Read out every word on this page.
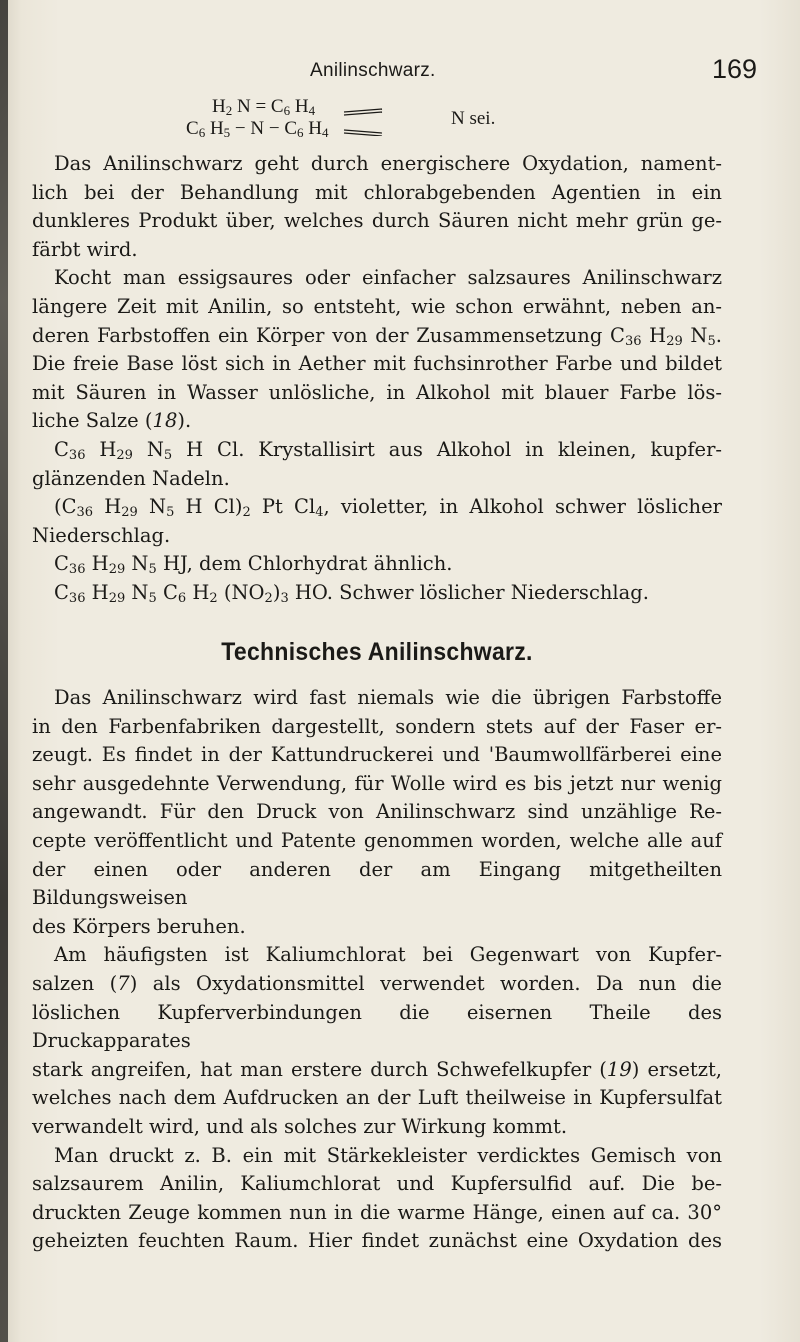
Anilinschwarz.	169
$H_2$ $N = C_6$ $H_4$
$C_6$ $H_5 - N - C_6$ $H_4$
N sei.

Das Anilinschwarz geht durch energischere Oxydation, nament-

lich bei der Behandlung mit chlorabgebenden Agentien in ein

dunkleres Produkt über, welches durch Säuren nicht mehr grün ge-

färbt wird.

Kocht man essigsaures oder einfacher salzsaures Anilinschwarz

längere Zeit mit Anilin, so entsteht, wie schon erwähnt, neben an-

deren Farbstoffen ein Körper von der Zusammensetzung $C_{36}$ $H_{29}$ $N_5$.

Die freie Base löst sich in Aether mit fuchsinrother Farbe und bildet

mit Säuren in Wasser unlösliche, in Alkohol mit blauer Farbe lös-

liche Salze (18).

$C_{36}$ $H_{29}$ $N_5$ H Cl. Krystallisirt aus Alkohol in kleinen, kupfer-

glänzenden Nadeln.

($C_{36}$ $H_{29}$ $N_5$ H $Cl)_2$ Pt $Cl_4$, violetter, in Alkohol schwer löslicher

Niederschlag.

$C_{36}$ $H_{29}$ $N_5$ HJ, dem Chlorhydrat ähnlich.

$C_{36}$ $H_{29}$ $N_5$ $C_6$ $H_2$ $(NO_2)_3$ HO. Schwer löslicher Niederschlag.

Technisches Anilinschwarz.

Das Anilinschwarz wird fast niemals wie die übrigen Farbstoffe

in den Farbenfabriken dargestellt, sondern stets auf der Faser er-

zeugt. Es findet in der Kattundruckerei und 'Baumwollfärberei eine

sehr ausgedehnte Verwendung, für Wolle wird es bis jetzt nur wenig

angewandt. Für den Druck von Anilinschwarz sind unzählige Re-

cepte veröffentlicht und Patente genommen worden, welche alle auf

der einen oder anderen der am Eingang mitgetheilten Bildungsweisen

des Körpers beruhen.

Am häufigsten ist Kaliumchlorat bei Gegenwart von Kupfer-

salzen (7) als Oxydationsmittel verwendet worden. Da nun die

löslichen Kupferverbindungen die eisernen Theile des Druckapparates

stark angreifen, hat man erstere durch Schwefelkupfer (19) ersetzt,

welches nach dem Aufdrucken an der Luft theilweise in Kupfersulfat

verwandelt wird, und als solches zur Wirkung kommt.

Man druckt z. B. ein mit Stärkekleister verdicktes Gemisch von

salzsaurem Anilin, Kaliumchlorat und Kupfersulfid auf. Die be-

druckten Zeuge kommen nun in die warme Hänge, einen auf ca. 30°

geheizten feuchten Raum. Hier findet zunächst eine Oxydation des
